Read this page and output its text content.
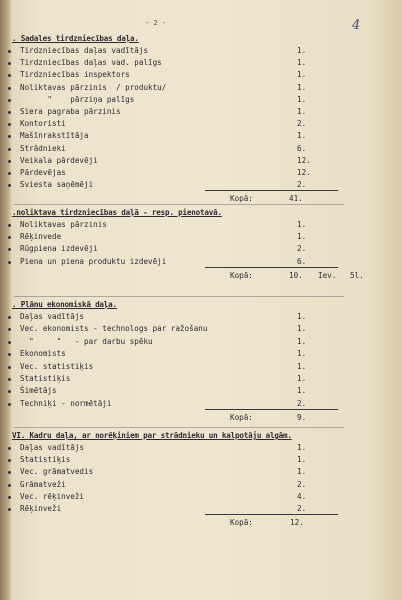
- 2 -	4
. Sadales tirdzniecības daļa.
Tirdzniecības daļas vadītājs	1.
Tirdzniecības daļas vad. palīgs	1.
Tirdzniecības inspektors	1.
Noliktavas pārzinis  / produktu/	1.
"    pārziņa palīgs	1.
Siera pagraba pārzinis	1.
Kontoristi	2.
Mašīnrakstītāja	1.
Strādnieki	6.
Veikala pārdevēji	12.
Pārdevējas	12.
Sviesta saņēmēji	2.
Kopā:	41.
.noliktava tirdzniecības daļā - resp. pienotavā.
Noliktavas pārzinis	1.
Rēķinvede	1.
Rūgpiena izdevēji	2.
Piena un piena produktu izdevēji	6.
Kopā:	10. Iev.   5l.
. Plānu ekonomiskā daļa.
Daļas vadītājs	1.
Vec. ekonomists - technologs par ražošanu	1.
"     "   - par darbu spēku	1.
Ekonomists	1.
Vec. statistiķis	1.
Statistiķis	1.
Šimētājs	1.
Techniķi - normētāji	2.
Kopā:	9.
VI. Kadru daļa, ar norēķiniem par strādnieku un kalpotāju algām.
Daļas vadītājs	1.
Statistiķis	1.
Vec. grāmatvedis	1.
Grāmatveži	2.
Vec. rēķinveži	4.
Rēķinveži	2.
Kopā:	12.
